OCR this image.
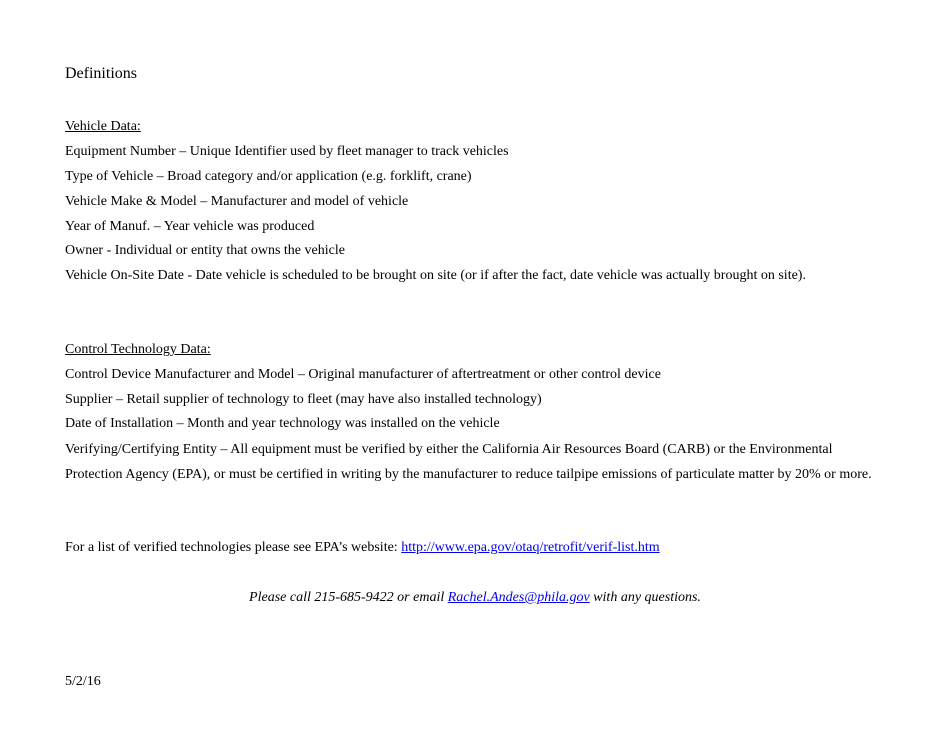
Definitions
Vehicle Data:
Equipment Number – Unique Identifier used by fleet manager to track vehicles
Type of Vehicle – Broad category and/or application (e.g. forklift, crane)
Vehicle Make & Model – Manufacturer and model of vehicle
Year of Manuf. – Year vehicle was produced
Owner - Individual or entity that owns the vehicle
Vehicle On-Site Date - Date vehicle is scheduled to be brought on site (or if after the fact, date vehicle was actually brought on site).
Control Technology Data:
Control Device Manufacturer and Model – Original manufacturer of aftertreatment or other control device
Supplier – Retail supplier of technology to fleet (may have also installed technology)
Date of Installation – Month and year technology was installed on the vehicle
Verifying/Certifying Entity – All equipment must be verified by either the California Air Resources Board (CARB) or the Environmental Protection Agency (EPA), or must be certified in writing by the manufacturer to reduce tailpipe emissions of particulate matter by 20% or more.
For a list of verified technologies please see EPA’s website: http://www.epa.gov/otaq/retrofit/verif-list.htm
Please call 215-685-9422 or email Rachel.Andes@phila.gov with any questions.
5/2/16
